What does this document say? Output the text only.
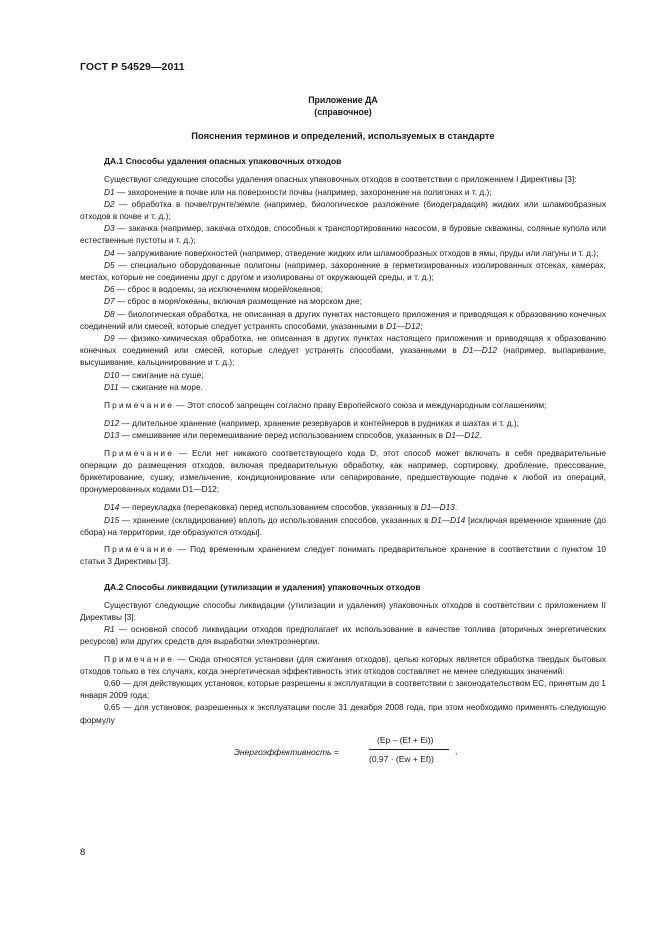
ГОСТ Р 54529—2011
Приложение ДА
(справочное)
Пояснения терминов и определений, используемых в стандарте
ДА.1 Способы удаления опасных упаковочных отходов

Существуют следующие способы удаления опасных упаковочных отходов в соответствии с приложением I Директивы [3]:

D1 — захоронение в почве или на поверхности почвы (например, захоронение на полигонах и т. д.);

D2 — обработка в почве/грунте/земле (например, биологическое разложение (биодеградация) жидких или шламообразных отходов в почве и т. д.);

D3 — закачка (например, закачка отходов, способных к транспортированию насосом, в буровые скважины, соляные купола или естественные пустоты и т. д.);

D4 — запруживание поверхностей (например, отведение жидких или шламообразных отходов в ямы, пруды или лагуны и т. д.);

D5 — специально оборудованные полигоны (например, захоронение в герметизированных изолированных отсеках, камерах, местах, которые не соединены друг с другом и изолированы от окружающей среды, и т. д.);

D6 — сброс в водоемы, за исключением морей/океанов;

D7 — сброс в моря/океаны, включая размещение на морском дне;

D8 — биологическая обработка, не описанная в других пунктах настоящего приложения и приводящая к образованию конечных соединений или смесей, которые следует устранять способами, указанными в D1—D12;

D9 — физико-химическая обработка, не описанная в других пунктах настоящего приложения и приводящая к образованию конечных соединений или смесей, которые следует устранять способами, указанными в D1—D12 (например, выпаривание, высушивание, кальцинирование и т. д.);

D10 — сжигание на суше;

D11 — сжигание на море.

Примечание — Этот способ запрещен согласно праву Европейского союза и международным соглашениям;

D12 — длительное хранение (например, хранение резервуаров и контейнеров в рудниках и шахтах и т. д.);

D13 — смешивание или перемешивание перед использованием способов, указанных в D1—D12.

Примечание — Если нет никакого соответствующего кода D, этот способ может включать в себя предварительные операции до размещения отходов, включая предварительную обработку, как например, сортировку, дробление, прессование, брикетирование, сушку, измельчение, кондиционирование или сепарирование, предшествующие подаче к любой из операций, пронумерованных кодами D1—D12;

D14 — переукладка (перепаковка) перед использованием способов, указанных в D1—D13.

D15 — хранение (складирование) вплоть до использования способов, указанных в D1—D14 [исключая временное хранение (до сбора) на территории, где образуются отходы].

Примечание — Под временным хранением следует понимать предварительное хранение в соответствии с пунктом 10 статьи 3 Директивы [3].

ДА.2 Способы ликвидации (утилизации и удаления) упаковочных отходов

Существуют следующие способы ликвидации (утилизации и удаления) упаковочных отходов в соответствии с приложением II Директивы [3]:

R1 — основной способ ликвидации отходов предполагает их использование в качестве топлива (вторичных энергетических ресурсов) или других средств для выработки электроэнергии.

Примечание — Сюда относятся установки (для сжигания отходов), целью которых является обработка твердых бытовых отходов только в тех случаях, когда энергетическая эффективность этих отходов составляет не менее следующих значений:

0,60 — для действующих установок, которые разрешены к эксплуатации в соответствии с законодательством ЕС, принятым до 1 января 2009 года;

0,65 — для установок, разрешенных к эксплуатации после 31 декабря 2008 года, при этом необходимо применять следующую формулу

Энергоэффективность =
(Ep – (Ef + Ei))
(0,97 · (Ew + Ef))
,
8
